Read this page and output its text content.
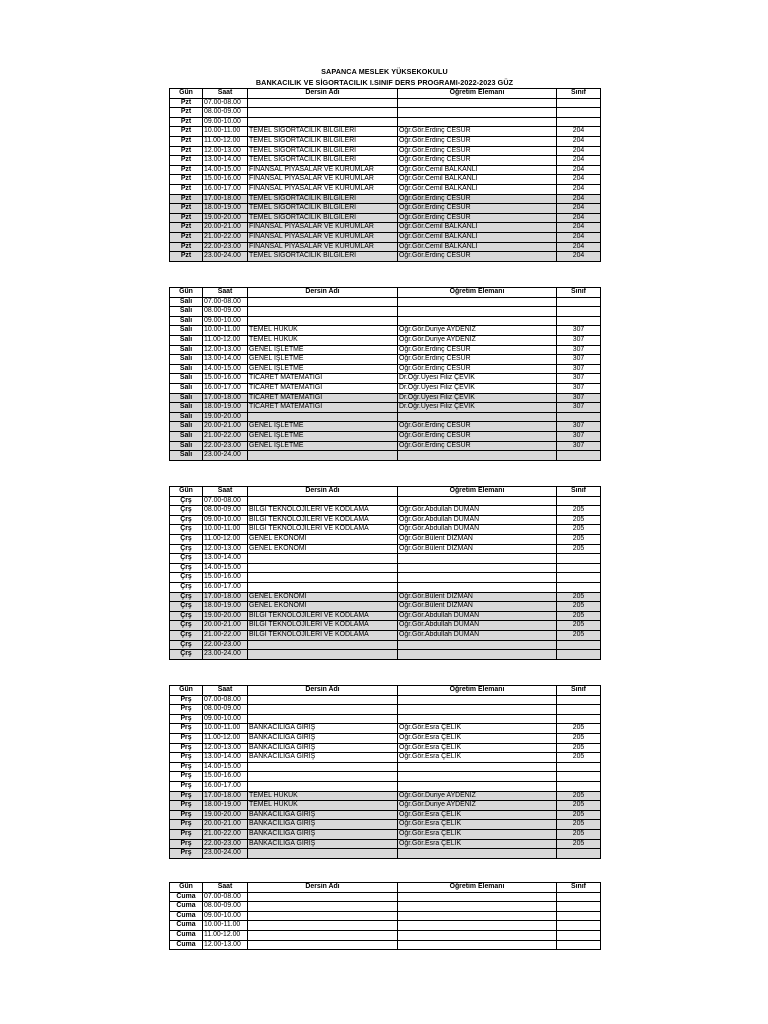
SAPANCA MESLEK YÜKSEKOKULU
BANKACILIK VE SİGORTACILIK I.SINIF DERS PROGRAMI-2022-2023 GÜZ
Gün	Saat	Dersin Adı	Öğretim Elemanı	Sınıf
Pzt	07.00-08.00			
Pzt	08.00-09.00			
Pzt	09.00-10.00			
Pzt	10.00-11.00	TEMEL SİGORTACILIK BİLGİLERİ	Öğr.Gör.Erdinç CESUR	204
Pzt	11.00-12.00	TEMEL SİGORTACILIK BİLGİLERİ	Öğr.Gör.Erdinç CESUR	204
Pzt	12.00-13.00	TEMEL SİGORTACILIK BİLGİLERİ	Öğr.Gör.Erdinç CESUR	204
Pzt	13.00-14.00	TEMEL SİGORTACILIK BİLGİLERİ	Öğr.Gör.Erdinç CESUR	204
Pzt	14.00-15.00	FİNANSAL PİYASALAR VE KURUMLAR	Öğr.Gör.Cemil BALKANLI	204
Pzt	15.00-16.00	FİNANSAL PİYASALAR VE KURUMLAR	Öğr.Gör.Cemil BALKANLI	204
Pzt	16.00-17.00	FİNANSAL PİYASALAR VE KURUMLAR	Öğr.Gör.Cemil BALKANLI	204
Pzt	17.00-18.00	TEMEL SİGORTACILIK BİLGİLERİ	Öğr.Gör.Erdinç CESUR	204
Pzt	18.00-19.00	TEMEL SİGORTACILIK BİLGİLERİ	Öğr.Gör.Erdinç CESUR	204
Pzt	19.00-20.00	TEMEL SİGORTACILIK BİLGİLERİ	Öğr.Gör.Erdinç CESUR	204
Pzt	20.00-21.00	FİNANSAL PİYASALAR VE KURUMLAR	Öğr.Gör.Cemil BALKANLI	204
Pzt	21.00-22.00	FİNANSAL PİYASALAR VE KURUMLAR	Öğr.Gör.Cemil BALKANLI	204
Pzt	22.00-23.00	FİNANSAL PİYASALAR VE KURUMLAR	Öğr.Gör.Cemil BALKANLI	204
Pzt	23.00-24.00	TEMEL SİGORTACILIK BİLGİLERİ	Öğr.Gör.Erdinç CESUR	204
Gün	Saat	Dersin Adı	Öğretim Elemanı	Sınıf
Salı	07.00-08.00			
Salı	08.00-09.00			
Salı	09.00-10.00			
Salı	10.00-11.00	TEMEL HUKUK	Öğr.Gör.Duriye AYDENİZ	307
Salı	11.00-12.00	TEMEL HUKUK	Öğr.Gör.Duriye AYDENİZ	307
Salı	12.00-13.00	GENEL İŞLETME	Öğr.Gör.Erdinç CESUR	307
Salı	13.00-14.00	GENEL İŞLETME	Öğr.Gör.Erdinç CESUR	307
Salı	14.00-15.00	GENEL İŞLETME	Öğr.Gör.Erdinç CESUR	307
Salı	15.00-16.00	TİCARET MATEMATİĞİ	Dr.Öğr.Üyesi Filiz ÇEVİK	307
Salı	16.00-17.00	TİCARET MATEMATİĞİ	Dr.Öğr.Üyesi Filiz ÇEVİK	307
Salı	17.00-18.00	TİCARET MATEMATİĞİ	Dr.Öğr.Üyesi Filiz ÇEVİK	307
Salı	18.00-19.00	TİCARET MATEMATİĞİ	Dr.Öğr.Üyesi Filiz ÇEVİK	307
Salı	19.00-20.00			
Salı	20.00-21.00	GENEL İŞLETME	Öğr.Gör.Erdinç CESUR	307
Salı	21.00-22.00	GENEL İŞLETME	Öğr.Gör.Erdinç CESUR	307
Salı	22.00-23.00	GENEL İŞLETME	Öğr.Gör.Erdinç CESUR	307
Salı	23.00-24.00			
Gün	Saat	Dersin Adı	Öğretim Elemanı	Sınıf
Çrş	07.00-08.00			
Çrş	08.00-09.00	BİLGİ TEKNOLOJİLERİ VE KODLAMA	Öğr.Gör.Abdullah DUMAN	205
Çrş	09.00-10.00	BİLGİ TEKNOLOJİLERİ VE KODLAMA	Öğr.Gör.Abdullah DUMAN	205
Çrş	10.00-11.00	BİLGİ TEKNOLOJİLERİ VE KODLAMA	Öğr.Gör.Abdullah DUMAN	205
Çrş	11.00-12.00	GENEL EKONOMİ	Öğr.Gör.Bülent DİZMAN	205
Çrş	12.00-13.00	GENEL EKONOMİ	Öğr.Gör.Bülent DİZMAN	205
Çrş	13.00-14.00			
Çrş	14.00-15.00			
Çrş	15.00-16.00			
Çrş	16.00-17.00			
Çrş	17.00-18.00	GENEL EKONOMİ	Öğr.Gör.Bülent DİZMAN	205
Çrş	18.00-19.00	GENEL EKONOMİ	Öğr.Gör.Bülent DİZMAN	205
Çrş	19.00-20.00	BİLGİ TEKNOLOJİLERİ VE KODLAMA	Öğr.Gör.Abdullah DUMAN	205
Çrş	20.00-21.00	BİLGİ TEKNOLOJİLERİ VE KODLAMA	Öğr.Gör.Abdullah DUMAN	205
Çrş	21.00-22.00	BİLGİ TEKNOLOJİLERİ VE KODLAMA	Öğr.Gör.Abdullah DUMAN	205
Çrş	22.00-23.00			
Çrş	23.00-24.00			
Gün	Saat	Dersin Adı	Öğretim Elemanı	Sınıf
Prş	07.00-08.00			
Prş	08.00-09.00			
Prş	09.00-10.00			
Prş	10.00-11.00	BANKACILIĞA GİRİŞ	Öğr.Gör.Esra ÇELİK	205
Prş	11.00-12.00	BANKACILIĞA GİRİŞ	Öğr.Gör.Esra ÇELİK	205
Prş	12.00-13.00	BANKACILIĞA GİRİŞ	Öğr.Gör.Esra ÇELİK	205
Prş	13.00-14.00	BANKACILIĞA GİRİŞ	Öğr.Gör.Esra ÇELİK	205
Prş	14.00-15.00			
Prş	15.00-16.00			
Prş	16.00-17.00			
Prş	17.00-18.00	TEMEL HUKUK	Öğr.Gör.Duriye AYDENİZ	205
Prş	18.00-19.00	TEMEL HUKUK	Öğr.Gör.Duriye AYDENİZ	205
Prş	19.00-20.00	BANKACILIĞA GİRİŞ	Öğr.Gör.Esra ÇELİK	205
Prş	20.00-21.00	BANKACILIĞA GİRİŞ	Öğr.Gör.Esra ÇELİK	205
Prş	21.00-22.00	BANKACILIĞA GİRİŞ	Öğr.Gör.Esra ÇELİK	205
Prş	22.00-23.00	BANKACILIĞA GİRİŞ	Öğr.Gör.Esra ÇELİK	205
Prş	23.00-24.00			
Gün	Saat	Dersin Adı	Öğretim Elemanı	Sınıf
Cuma	07.00-08.00			
Cuma	08.00-09.00			
Cuma	09.00-10.00			
Cuma	10.00-11.00			
Cuma	11.00-12.00			
Cuma	12.00-13.00			
